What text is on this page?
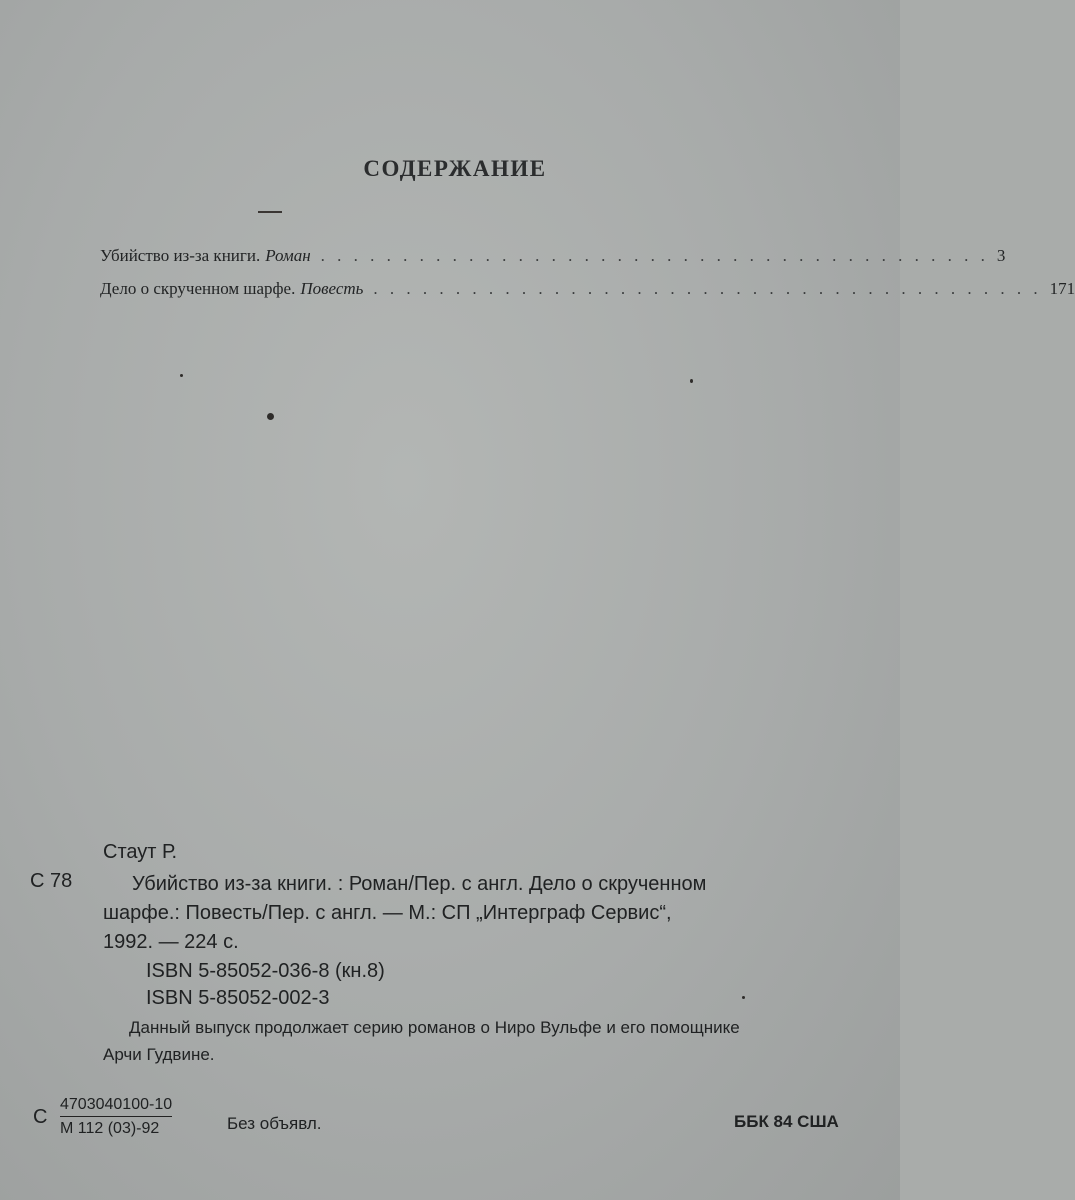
СОДЕРЖАНИЕ
Убийство из-за книги. Роман . . . . . . . . . . . . . . . . . . . . . . . . . . . . . . . . . . . . . . . . . 3
Дело о скрученном шарфе. Повесть . . . . . . . . . . . . . . . . . . . . . . . . . . . . . . . . . . . . . . . . . 171
Стаут Р.
С 78	Убийство из-за книги. : Роман/Пер. с англ. Дело о скрученном
шарфе.: Повесть/Пер. с англ. — М.: СП „Интерграф Сервис“,
1992. — 224 с.
ISBN 5-85052-036-8 (кн.8)
ISBN 5-85052-002-3
Данный выпуск продолжает серию романов о Ниро Вульфе и его помощнике
Арчи Гудвине.
С
4703040100-10
М 112 (03)-92	Без объявл.	ББК 84 США
